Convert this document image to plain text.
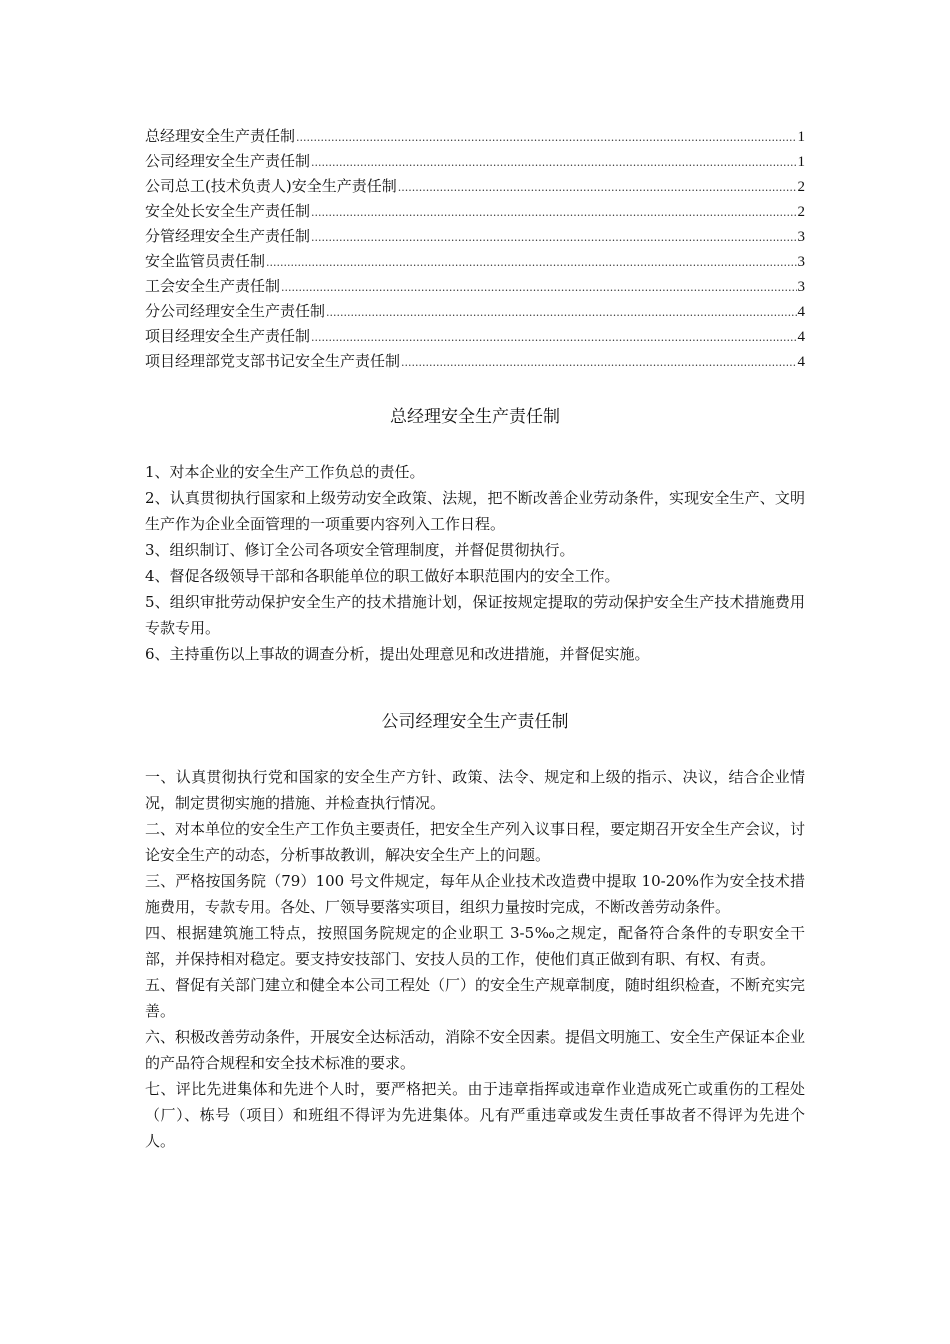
总经理安全生产责任制 .....	1
公司经理安全生产责任制 .....	1
公司总工(技术负责人)安全生产责任制 .....	2
安全处长安全生产责任制 .....	2
分管经理安全生产责任制 .....	3
安全监管员责任制 .....	3
工会安全生产责任制 .....	3
分公司经理安全生产责任制 .....	4
项目经理安全生产责任制 .....	4
项目经理部党支部书记安全生产责任制 .....	4
总经理安全生产责任制

1、对本企业的安全生产工作负总的责任。

2、认真贯彻执行国家和上级劳动安全政策、法规，把不断改善企业劳动条件，实现安全生产、文明生产作为企业全面管理的一项重要内容列入工作日程。

3、组织制订、修订全公司各项安全管理制度，并督促贯彻执行。

4、督促各级领导干部和各职能单位的职工做好本职范围内的安全工作。

5、组织审批劳动保护安全生产的技术措施计划，保证按规定提取的劳动保护安全生产技术措施费用专款专用。

6、主持重伤以上事故的调查分析，提出处理意见和改进措施，并督促实施。

公司经理安全生产责任制

一、认真贯彻执行党和国家的安全生产方针、政策、法令、规定和上级的指示、决议，结合企业情况，制定贯彻实施的措施、并检查执行情况。

二、对本单位的安全生产工作负主要责任，把安全生产列入议事日程，要定期召开安全生产会议，讨论安全生产的动态，分析事故教训，解决安全生产上的问题。

三、严格按国务院（79）100 号文件规定，每年从企业技术改造费中提取 10-20%作为安全技术措施费用，专款专用。各处、厂领导要落实项目，组织力量按时完成，不断改善劳动条件。

四、根据建筑施工特点，按照国务院规定的企业职工 3-5‰之规定，配备符合条件的专职安全干部，并保持相对稳定。要支持安技部门、安技人员的工作，使他们真正做到有职、有权、有责。

五、督促有关部门建立和健全本公司工程处（厂）的安全生产规章制度，随时组织检查，不断充实完善。

六、积极改善劳动条件，开展安全达标活动，消除不安全因素。提倡文明施工、安全生产保证本企业的产品符合规程和安全技术标准的要求。

七、评比先进集体和先进个人时，要严格把关。由于违章指挥或违章作业造成死亡或重伤的工程处（厂）、栋号（项目）和班组不得评为先进集体。凡有严重违章或发生责任事故者不得评为先进个人。
